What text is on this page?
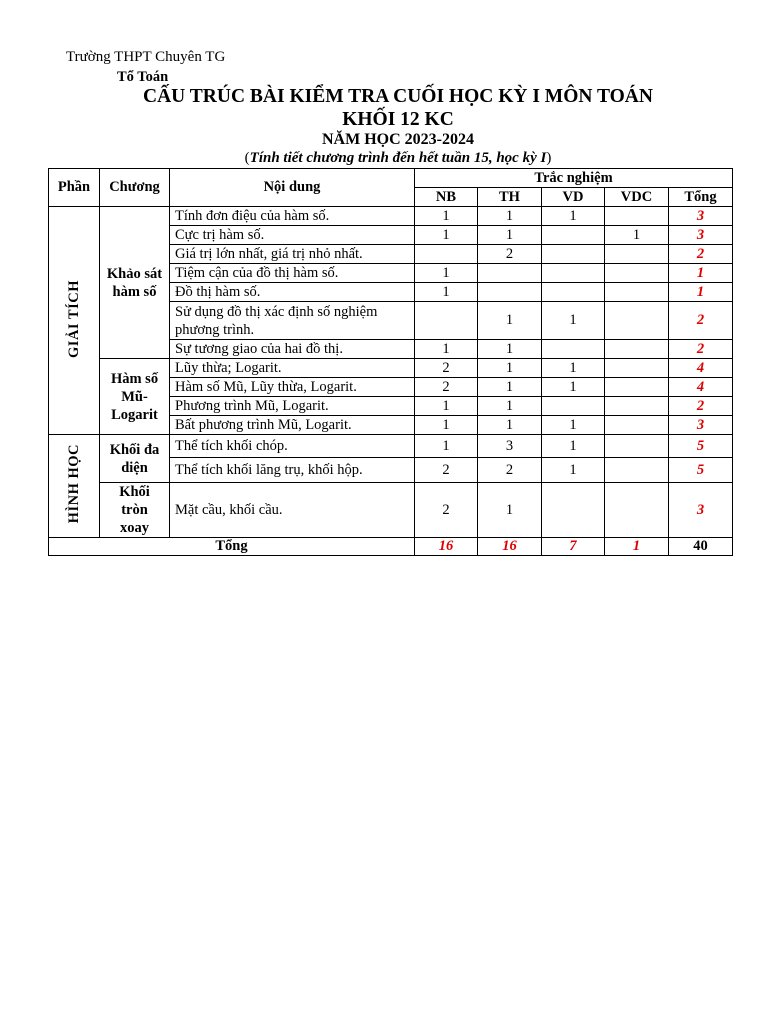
Trường THPT Chuyên TG
Tổ Toán
CẤU TRÚC BÀI KIỂM TRA CUỐI HỌC KỲ I MÔN TOÁN
KHỐI 12 KC
NĂM HỌC 2023-2024
(Tính tiết chương trình đến hết tuần 15, học kỳ I)
Phần	Chương	Nội dung	Trắc nghiệm				
			NB	TH	VD	VDC	Tổng
GIẢI TÍCH	Khảo sát hàm số	Tính đơn điệu của hàm số.	1	1	1		3
		Cực trị hàm số.	1	1		1	3
		Giá trị lớn nhất, giá trị nhỏ nhất.		2			2
		Tiệm cận của đồ thị hàm số.	1				1
		Đồ thị hàm số.	1				1
		Sử dụng đồ thị xác định số nghiệm phương trình.		1	1		2
		Sự tương giao của hai đồ thị.	1	1			2
	Hàm số Mũ-Logarit	Lũy thừa; Logarit.	2	1	1		4
		Hàm số Mũ, Lũy thừa, Logarit.	2	1	1		4
		Phương trình Mũ, Logarit.	1	1			2
		Bất phương trình Mũ, Logarit.	1	1	1		3
HÌNH HỌC	Khối đa diện	Thể tích khối chóp.	1	3	1		5
		Thể tích khối lăng trụ, khối hộp.	2	2	1		5
	Khối tròn xoay	Mặt cầu, khối cầu.	2	1			3
Tổng			16	16	7	1	40
